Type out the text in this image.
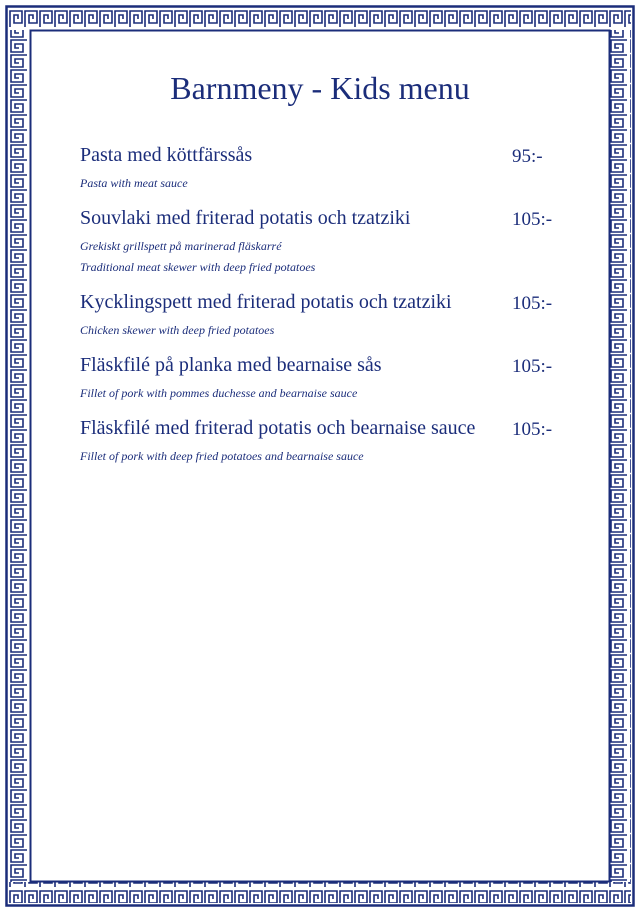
Barnmeny - Kids menu
Pasta med köttfärssås	95:-
Pasta with meat sauce
Souvlaki med friterad potatis och tzatziki	105:-
Grekiskt grillspett på marinerad fläskarré
Traditional meat skewer with deep fried potatoes
Kycklingspett med friterad potatis och tzatziki	105:-
Chicken skewer with deep fried potatoes
Fläskfilé på planka med bearnaise sås	105:-
Fillet of pork with pommes duchesse and bearnaise sauce
Fläskfilé med friterad potatis och bearnaise sauce 105:-
Fillet of pork with deep fried potatoes and bearnaise sauce
